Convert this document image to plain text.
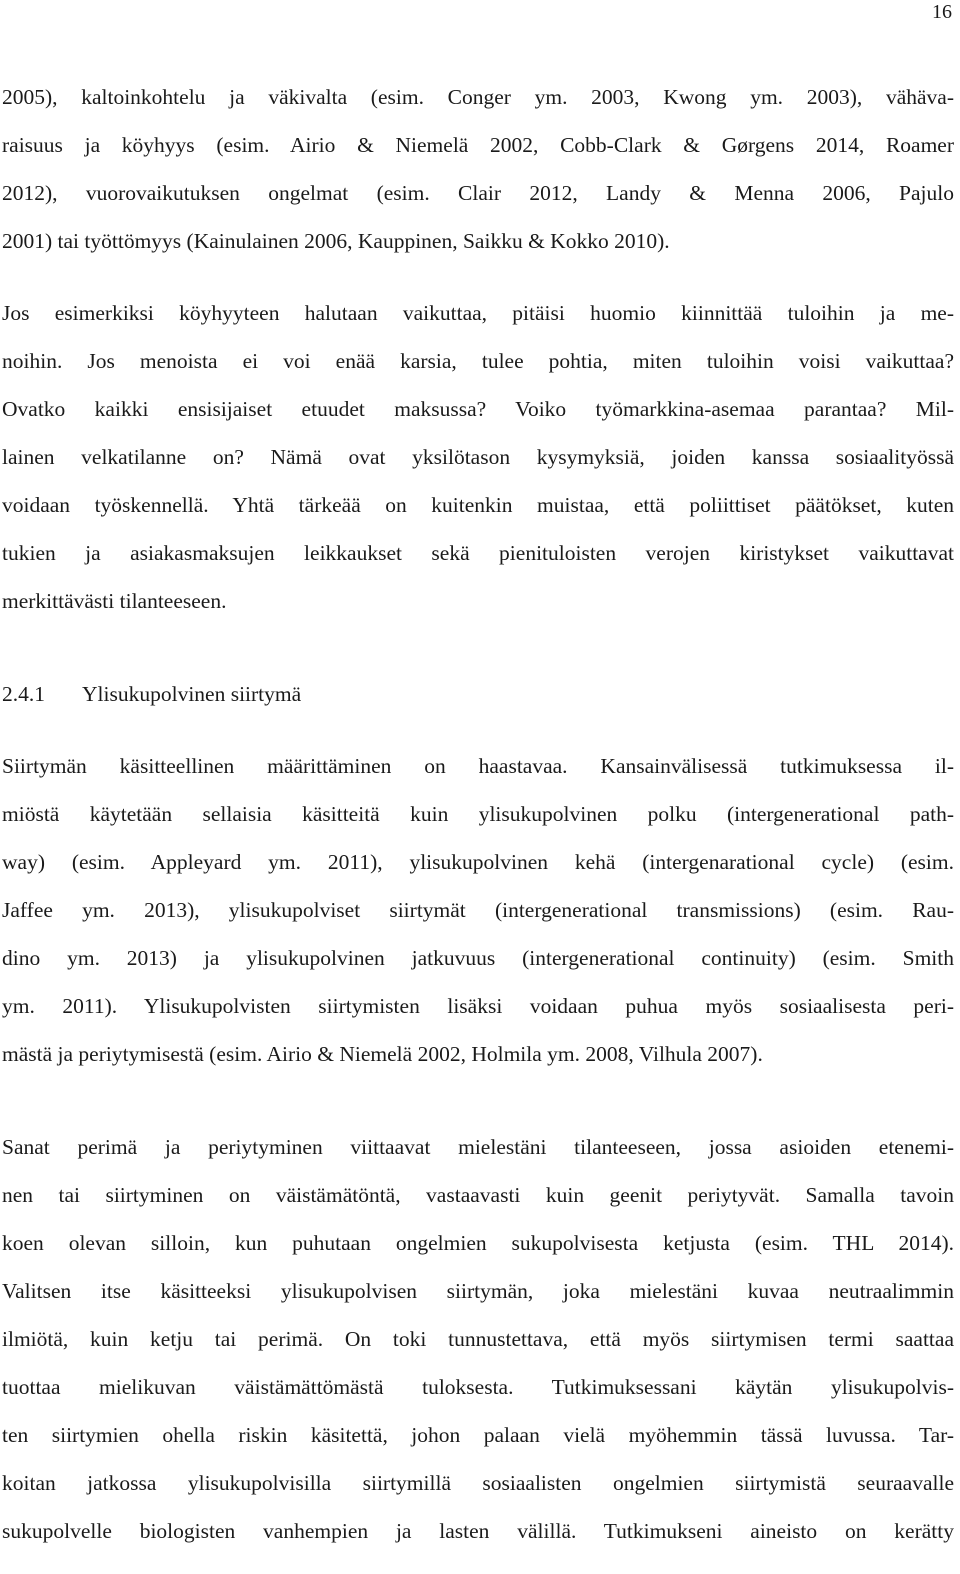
16
2005), kaltoinkohtelu ja väkivalta (esim. Conger ym. 2003, Kwong ym. 2003), vähäva-
raisuus ja köyhyys (esim. Airio & Niemelä 2002, Cobb-Clark & Gørgens 2014, Roamer
2012), vuorovaikutuksen ongelmat (esim. Clair 2012, Landy & Menna 2006, Pajulo
2001) tai työttömyys (Kainulainen 2006, Kauppinen, Saikku & Kokko 2010).
Jos esimerkiksi köyhyyteen halutaan vaikuttaa, pitäisi huomio kiinnittää tuloihin ja me-
noihin. Jos menoista ei voi enää karsia, tulee pohtia, miten tuloihin voisi vaikuttaa?
Ovatko kaikki ensisijaiset etuudet maksussa? Voiko työmarkkina-asemaa parantaa? Mil-
lainen velkatilanne on? Nämä ovat yksilötason kysymyksiä, joiden kanssa sosiaalityössä
voidaan työskennellä. Yhtä tärkeää on kuitenkin muistaa, että poliittiset päätökset, kuten
tukien ja asiakasmaksujen leikkaukset sekä pienituloisten verojen kiristykset vaikuttavat
merkittävästi tilanteeseen.
2.4.1 Ylisukupolvinen siirtymä
Siirtymän käsitteellinen määrittäminen on haastavaa. Kansainvälisessä tutkimuksessa il-
miöstä käytetään sellaisia käsitteitä kuin ylisukupolvinen polku (intergenerational path-
way) (esim. Appleyard ym. 2011), ylisukupolvinen kehä (intergenarational cycle) (esim.
Jaffee ym. 2013), ylisukupolviset siirtymät (intergenerational transmissions) (esim. Rau-
dino ym. 2013) ja ylisukupolvinen jatkuvuus (intergenerational continuity) (esim. Smith
ym. 2011). Ylisukupolvisten siirtymisten lisäksi voidaan puhua myös sosiaalisesta peri-
mästä ja periytymisestä (esim. Airio & Niemelä 2002, Holmila ym. 2008, Vilhula 2007).
Sanat perimä ja periytyminen viittaavat mielestäni tilanteeseen, jossa asioiden etenemi-
nen tai siirtyminen on väistämätöntä, vastaavasti kuin geenit periytyvät. Samalla tavoin
koen olevan silloin, kun puhutaan ongelmien sukupolvisesta ketjusta (esim. THL 2014).
Valitsen itse käsitteeksi ylisukupolvisen siirtymän, joka mielestäni kuvaa neutraalimmin
ilmiötä, kuin ketju tai perimä. On toki tunnustettava, että myös siirtymisen termi saattaa
tuottaa mielikuvan väistämättömästä tuloksesta. Tutkimuksessani käytän ylisukupolvis-
ten siirtymien ohella riskin käsitettä, johon palaan vielä myöhemmin tässä luvussa. Tar-
koitan jatkossa ylisukupolvisilla siirtymillä sosiaalisten ongelmien siirtymistä seuraavalle
sukupolvelle biologisten vanhempien ja lasten välillä. Tutkimukseni aineisto on kerätty
